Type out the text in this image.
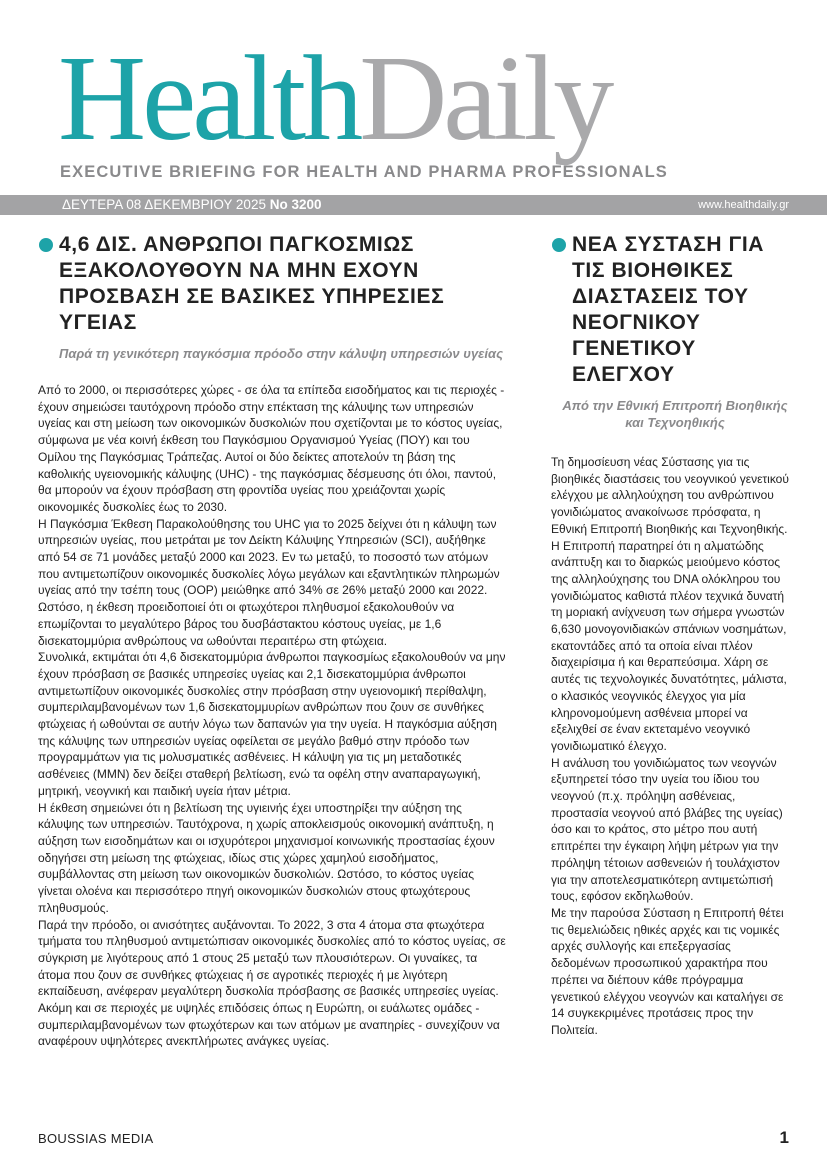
HealthDaily
EXECUTIVE BRIEFING FOR HEALTH AND PHARMA PROFESSIONALS
ΔΕΥΤΕΡΑ 08 ΔΕΚΕΜΒΡΙΟΥ 2025 No 3200	www.healthdaily.gr
4,6 ΔΙΣ. ΑΝΘΡΩΠΟΙ ΠΑΓΚΟΣΜΙΩΣ ΕΞΑΚΟΛΟΥΘΟΥΝ ΝΑ ΜΗΝ ΕΧΟΥΝ ΠΡΟΣΒΑΣΗ ΣΕ ΒΑΣΙΚΕΣ ΥΠΗΡΕΣΙΕΣ ΥΓΕΙΑΣ
Παρά τη γενικότερη παγκόσμια πρόοδο στην κάλυψη υπηρεσιών υγείας

Από το 2000, οι περισσότερες χώρες - σε όλα τα επίπεδα εισοδήματος και τις περιοχές - έχουν σημειώσει ταυτόχρονη πρόοδο στην επέκταση της κάλυψης των υπηρεσιών υγείας και στη μείωση των οικονομικών δυσκολιών που σχετίζονται με το κόστος υγείας, σύμφωνα με νέα κοινή έκθεση του Παγκόσμιου Οργανισμού Υγείας (ΠΟΥ) και του Ομίλου της Παγκόσμιας Τράπεζας. Αυτοί οι δύο δείκτες αποτελούν τη βάση της καθολικής υγειονομικής κάλυψης (UHC) - της παγκόσμιας δέσμευσης ότι όλοι, παντού, θα μπορούν να έχουν πρόσβαση στη φροντίδα υγείας που χρειάζονται χωρίς οικονομικές δυσκολίες έως το 2030.

Η Παγκόσμια Έκθεση Παρακολούθησης του UHC για το 2025 δείχνει ότι η κάλυψη των υπηρεσιών υγείας, που μετράται με τον Δείκτη Κάλυψης Υπηρεσιών (SCI), αυξήθηκε από 54 σε 71 μονάδες μεταξύ 2000 και 2023. Εν τω μεταξύ, το ποσοστό των ατόμων που αντιμετωπίζουν οικονομικές δυσκολίες λόγω μεγάλων και εξαντλητικών πληρωμών υγείας από την τσέπη τους (OOP) μειώθηκε από 34% σε 26% μεταξύ 2000 και 2022.

Ωστόσο, η έκθεση προειδοποιεί ότι οι φτωχότεροι πληθυσμοί εξακολουθούν να επωμίζονται το μεγαλύτερο βάρος του δυσβάστακτου κόστους υγείας, με 1,6 δισεκατομμύρια ανθρώπους να ωθούνται περαιτέρω στη φτώχεια.

Συνολικά, εκτιμάται ότι 4,6 δισεκατομμύρια άνθρωποι παγκοσμίως εξακολουθούν να μην έχουν πρόσβαση σε βασικές υπηρεσίες υγείας και 2,1 δισεκατομμύρια άνθρωποι αντιμετωπίζουν οικονομικές δυσκολίες στην πρόσβαση στην υγειονομική περίθαλψη, συμπεριλαμβανομένων των 1,6 δισεκατομμυρίων ανθρώπων που ζουν σε συνθήκες φτώχειας ή ωθούνται σε αυτήν λόγω των δαπανών για την υγεία. Η παγκόσμια αύξηση της κάλυψης των υπηρεσιών υγείας οφείλεται σε μεγάλο βαθμό στην πρόοδο των προγραμμάτων για τις μολυσματικές ασθένειες. Η κάλυψη για τις μη μεταδοτικές ασθένειες (ΜΜΝ) δεν δείξει σταθερή βελτίωση, ενώ τα οφέλη στην αναπαραγωγική, μητρική, νεογνική και παιδική υγεία ήταν μέτρια.

Η έκθεση σημειώνει ότι η βελτίωση της υγιεινής έχει υποστηρίξει την αύξηση της κάλυψης των υπηρεσιών. Ταυτόχρονα, η χωρίς αποκλεισμούς οικονομική ανάπτυξη, η αύξηση των εισοδημάτων και οι ισχυρότεροι μηχανισμοί κοινωνικής προστασίας έχουν οδηγήσει στη μείωση της φτώχειας, ιδίως στις χώρες χαμηλού εισοδήματος, συμβάλλοντας στη μείωση των οικονομικών δυσκολιών. Ωστόσο, το κόστος υγείας γίνεται ολοένα και περισσότερο πηγή οικονομικών δυσκολιών στους φτωχότερους πληθυσμούς.

Παρά την πρόοδο, οι ανισότητες αυξάνονται. Το 2022, 3 στα 4 άτομα στα φτωχότερα τμήματα του πληθυσμού αντιμετώπισαν οικονομικές δυσκολίες από το κόστος υγείας, σε σύγκριση με λιγότερους από 1 στους 25 μεταξύ των πλουσιότερων. Οι γυναίκες, τα άτομα που ζουν σε συνθήκες φτώχειας ή σε αγροτικές περιοχές ή με λιγότερη εκπαίδευση, ανέφεραν μεγαλύτερη δυσκολία πρόσβασης σε βασικές υπηρεσίες υγείας. Ακόμη και σε περιοχές με υψηλές επιδόσεις όπως η Ευρώπη, οι ευάλωτες ομάδες - συμπεριλαμβανομένων των φτωχότερων και των ατόμων με αναπηρίες - συνεχίζουν να αναφέρουν υψηλότερες ανεκπλήρωτες ανάγκες υγείας.

ΝΕΑ ΣΥΣΤΑΣΗ ΓΙΑ ΤΙΣ ΒΙΟΗΘΙΚΕΣ ΔΙΑΣΤΑΣΕΙΣ ΤΟΥ ΝΕΟΓΝΙΚΟΥ ΓΕΝΕΤΙΚΟΥ ΕΛΕΓΧΟΥ
Από την Εθνική Επιτροπή Βιοηθικής και Τεχνοηθικής

Τη δημοσίευση νέας Σύστασης για τις βιοηθικές διαστάσεις του νεογνικού γενετικού ελέγχου με αλληλούχηση του ανθρώπινου γονιδιώματος ανακοίνωσε πρόσφατα, η Εθνική Επιτροπή Βιοηθικής και Τεχνοηθικής.

Η Επιτροπή παρατηρεί ότι η αλματώδης ανάπτυξη και το διαρκώς μειούμενο κόστος της αλληλούχησης του DNA ολόκληρου του γονιδιώματος καθιστά πλέον τεχνικά δυνατή τη μοριακή ανίχνευση των σήμερα γνωστών 6,630 μονογονιδιακών σπάνιων νοσημάτων, εκατοντάδες από τα οποία είναι πλέον διαχειρίσιμα ή και θεραπεύσιμα. Χάρη σε αυτές τις τεχνολογικές δυνατότητες, μάλιστα, ο κλασικός νεογνικός έλεγχος για μία κληρονομούμενη ασθένεια μπορεί να εξελιχθεί σε έναν εκτεταμένο νεογνικό γονιδιωματικό έλεγχο.

Η ανάλυση του γονιδιώματος των νεογνών εξυπηρετεί τόσο την υγεία του ίδιου του νεογνού (π.χ. πρόληψη ασθένειας, προστασία νεογνού από βλάβες της υγείας) όσο και το κράτος, στο μέτρο που αυτή επιτρέπει την έγκαιρη λήψη μέτρων για την πρόληψη τέτοιων ασθενειών ή τουλάχιστον για την αποτελεσματικότερη αντιμετώπισή τους, εφόσον εκδηλωθούν.

Με την παρούσα Σύσταση η Επιτροπή θέτει τις θεμελιώδεις ηθικές αρχές και τις νομικές αρχές συλλογής και επεξεργασίας δεδομένων προσωπικού χαρακτήρα που πρέπει να διέπουν κάθε πρόγραμμα γενετικού ελέγχου νεογνών και καταλήγει σε 14 συγκεκριμένες προτάσεις προς την Πολιτεία.

BOUSSIAS MEDIA	1
